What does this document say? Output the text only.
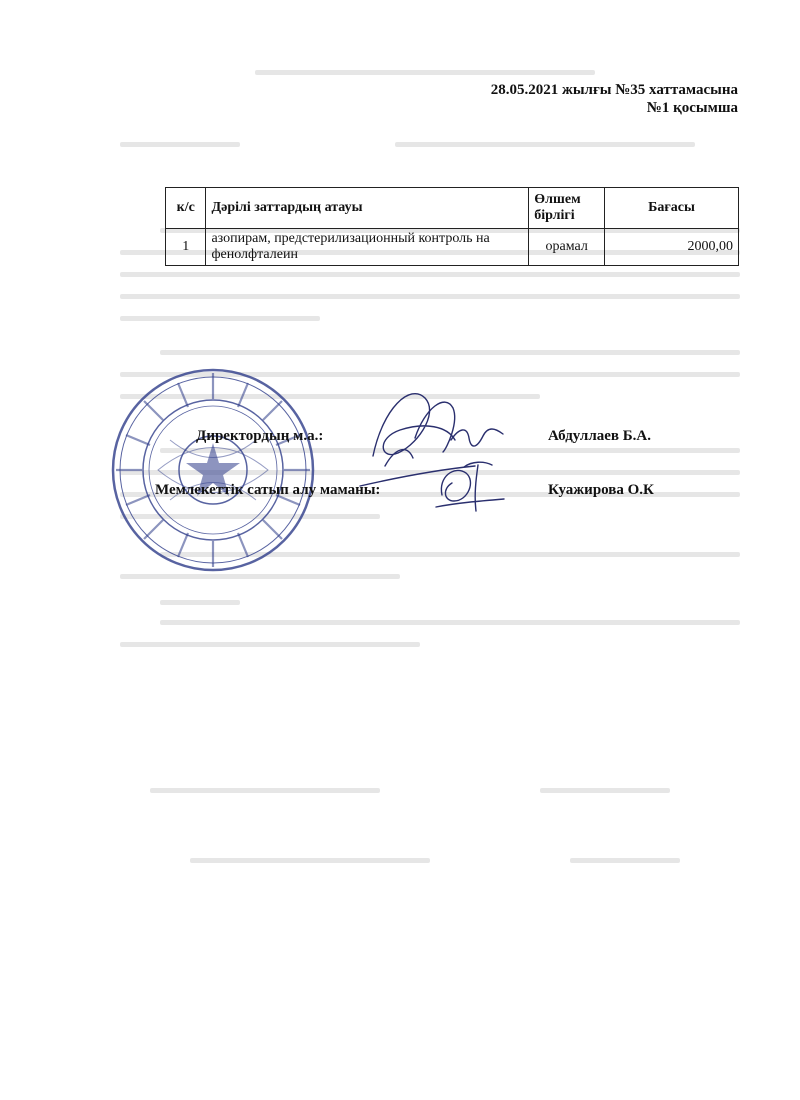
28.05.2021 жылғы №35 хаттамасына
№1 қосымша
к/с	Дәрілі заттардың атауы	Өлшем бірлігі	Бағасы
1	азопирам, предстерилизационный контроль на фенолфталеин	орамал	2000,00
Директордың м.а.:	Абдуллаев Б.А.
Мемлекеттік сатып алу маманы:	Куажирова О.К
